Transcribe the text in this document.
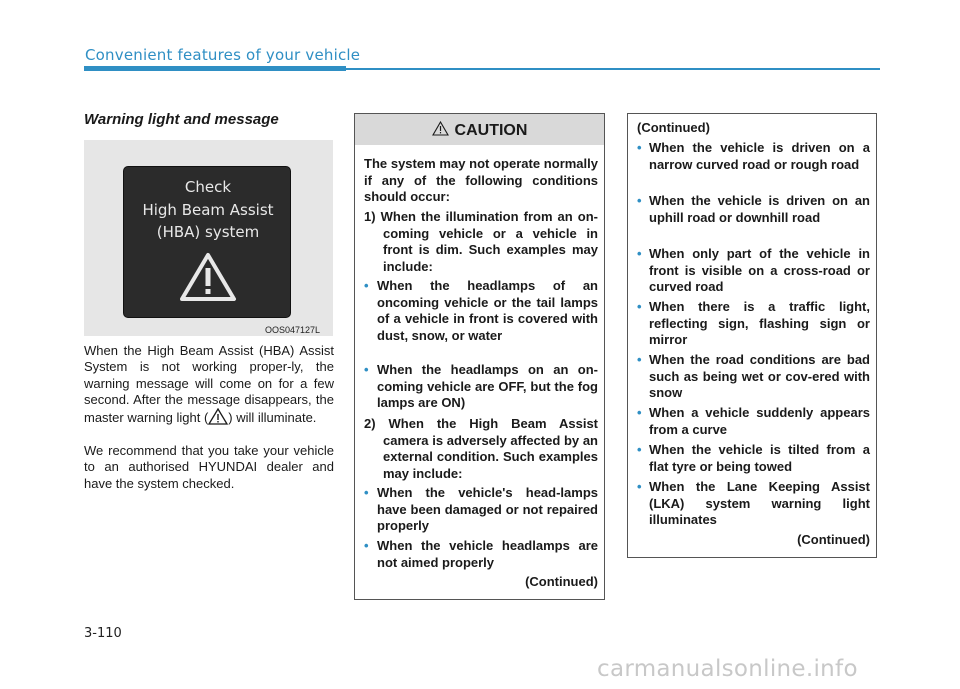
Convenient features of your vehicle
Warning light and message
Check
High Beam Assist
(HBA) system
OOS047127L
When the High Beam Assist (HBA) Assist System is not working proper-ly, the warning message will come on for a few second. After the message disappears, the master warning light ( ) will illuminate.
We recommend that you take your vehicle to an authorised HYUNDAI dealer and have the system checked.
CAUTION
The system may not operate normally if any of the following conditions should occur:
1) When the illumination from an on-coming vehicle or a vehicle in front is dim. Such examples may include:
• When the headlamps of an oncoming vehicle or the tail lamps of a vehicle in front is covered with dust, snow, or water
• When the headlamps on an on-coming vehicle are OFF, but the fog lamps are ON)
2) When the High Beam Assist camera is adversely affected by an external condition. Such examples may include:
• When the vehicle's head-lamps have been damaged or not repaired properly
• When the vehicle headlamps are not aimed properly
(Continued)
(Continued)
• When the vehicle is driven on a narrow curved road or rough road
• When the vehicle is driven on an uphill road or downhill road
• When only part of the vehicle in front is visible on a cross-road or curved road
• When there is a traffic light, reflecting sign, flashing sign or mirror
• When the road conditions are bad such as being wet or cov-ered with snow
• When a vehicle suddenly appears from a curve
• When the vehicle is tilted from a flat tyre or being towed
• When the Lane Keeping Assist (LKA) system warning light illuminates
(Continued)
3-110
carmanualsonline.info
